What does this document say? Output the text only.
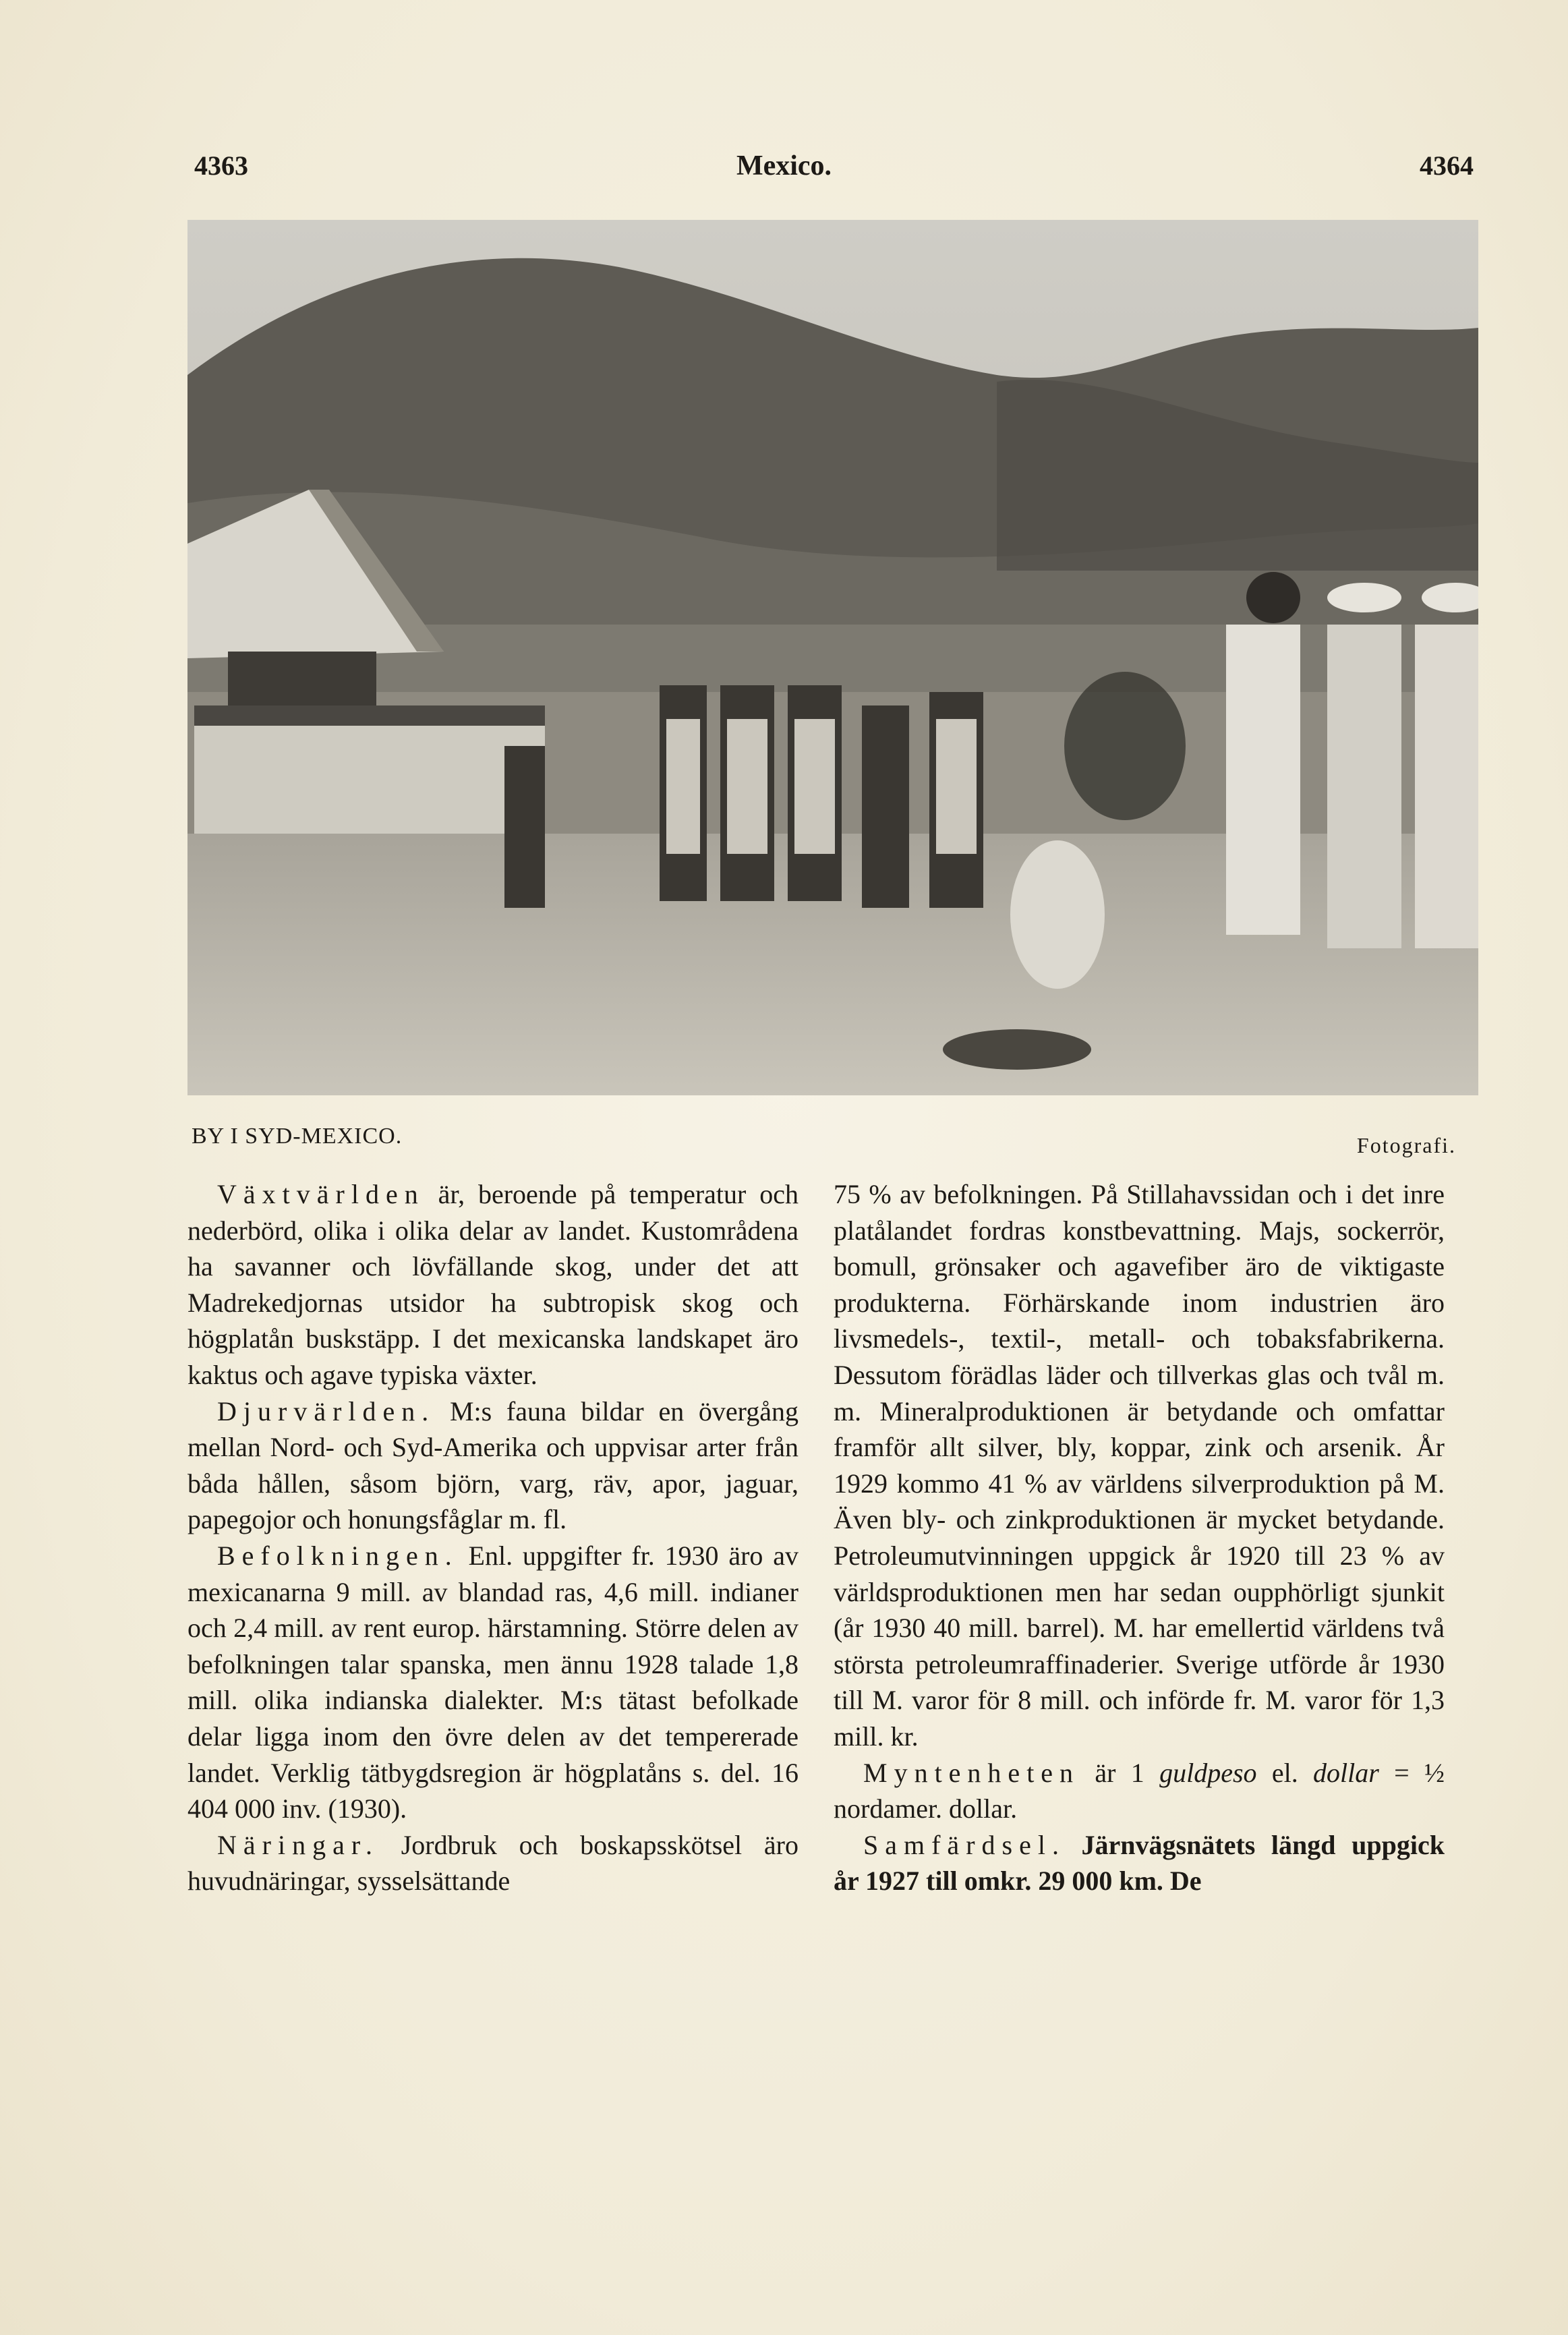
4363	Mexico.	4364
BY I SYD-MEXICO.	Fotografi.

Växtvärlden är, beroende på temperatur och nederbörd, olika i olika delar av landet. Kustområdena ha savanner och lövfällande skog, under det att Madrekedjornas utsidor ha subtropisk skog och högplatån buskstäpp. I det mexicanska landskapet äro kaktus och agave typiska växter.

Djurvärlden. M:s fauna bildar en övergång mellan Nord- och Syd-Amerika och uppvisar arter från båda hållen, såsom björn, varg, räv, apor, jaguar, papegojor och honungsfåglar m. fl.

Befolkningen. Enl. uppgifter fr. 1930 äro av mexicanarna 9 mill. av blandad ras, 4,6 mill. indianer och 2,4 mill. av rent europ. härstamning. Större delen av befolkningen talar spanska, men ännu 1928 talade 1,8 mill. olika indianska dialekter. M:s tätast befolkade delar ligga inom den övre delen av det tempererade landet. Verklig tätbygdsregion är högplatåns s. del. 16 404 000 inv. (1930).

Näringar. Jordbruk och boskapsskötsel äro huvudnäringar, sysselsättande

75 % av befolkningen. På Stillahavssidan och i det inre platålandet fordras konstbevattning. Majs, sockerrör, bomull, grönsaker och agavefiber äro de viktigaste produkterna. Förhärskande inom industrien äro livsmedels-, textil-, metall- och tobaksfabrikerna. Dessutom förädlas läder och tillverkas glas och tvål m. m. Mineralproduktionen är betydande och omfattar framför allt silver, bly, koppar, zink och arsenik. År 1929 kommo 41 % av världens silverproduktion på M. Även bly- och zinkproduktionen är mycket betydande. Petroleumutvinningen uppgick år 1920 till 23 % av världsproduktionen men har sedan oupphörligt sjunkit (år 1930 40 mill. barrel). M. har emellertid världens två största petroleumraffinaderier. Sverige utförde år 1930 till M. varor för 8 mill. och införde fr. M. varor för 1,3 mill. kr.

Myntenheten är 1 guldpeso el. dollar = ½ nordamer. dollar.

Samfärdsel. Järnvägsnätets längd uppgick år 1927 till omkr. 29 000 km. De
